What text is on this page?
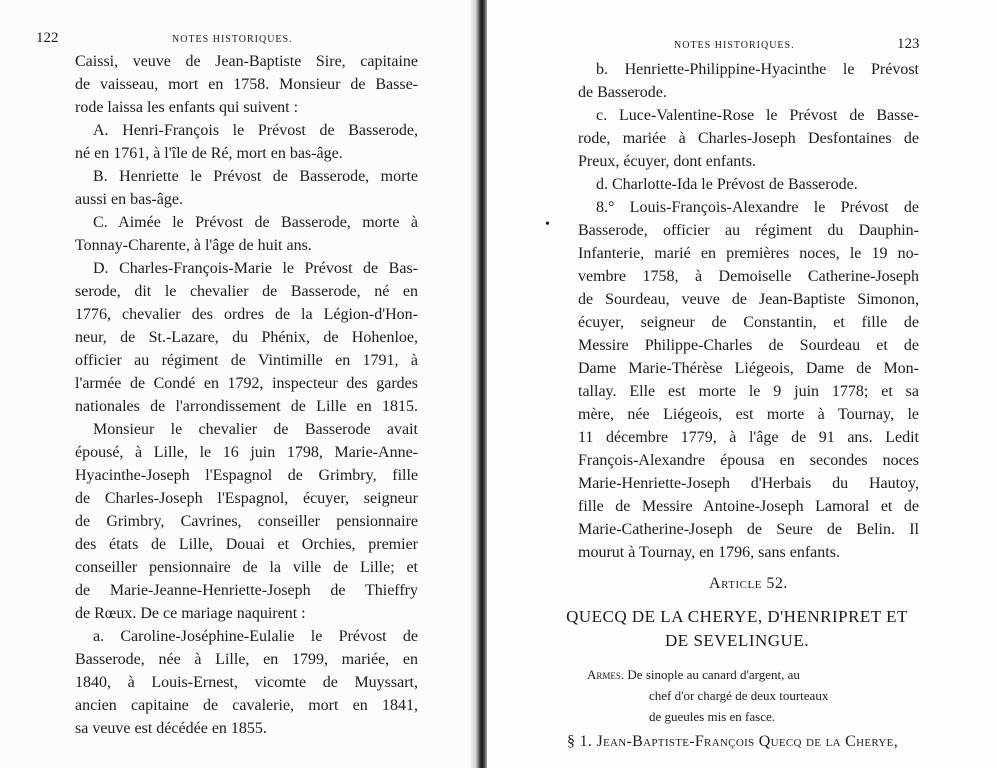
122	NOTES HISTORIQUES.
Caissi, veuve de Jean-Baptiste Sire, capitaine
de vaisseau, mort en 1758. Monsieur de Basse-
rode laissa les enfants qui suivent :
A. Henri-François le Prévost de Basserode,
né en 1761, à l'île de Ré, mort en bas-âge.
B. Henriette le Prévost de Basserode, morte
aussi en bas-âge.
C. Aimée le Prévost de Basserode, morte à
Tonnay-Charente, à l'âge de huit ans.
D. Charles-François-Marie le Prévost de Bas-
serode, dit le chevalier de Basserode, né en
1776, chevalier des ordres de la Légion-d'Hon-
neur, de St.-Lazare, du Phénix, de Hohenloe,
officier au régiment de Vintimille en 1791, à
l'armée de Condé en 1792, inspecteur des gardes
nationales de l'arrondissement de Lille en 1815.
Monsieur le chevalier de Basserode avait
épousé, à Lille, le 16 juin 1798, Marie-Anne-
Hyacinthe-Joseph l'Espagnol de Grimbry, fille
de Charles-Joseph l'Espagnol, écuyer, seigneur
de Grimbry, Cavrines, conseiller pensionnaire
des états de Lille, Douai et Orchies, premier
conseiller pensionnaire de la ville de Lille; et
de Marie-Jeanne-Henriette-Joseph de Thieffry
de Rœux. De ce mariage naquirent :
a. Caroline-Joséphine-Eulalie le Prévost de
Basserode, née à Lille, en 1799, mariée, en
1840, à Louis-Ernest, vicomte de Muyssart,
ancien capitaine de cavalerie, mort en 1841,
sa veuve est décédée en 1855.
NOTES HISTORIQUES.	123
b. Henriette-Philippine-Hyacinthe le Prévost
de Basserode.
c. Luce-Valentine-Rose le Prévost de Basse-
rode, mariée à Charles-Joseph Desfontaines de
Preux, écuyer, dont enfants.
d. Charlotte-Ida le Prévost de Basserode.
8.° Louis-François-Alexandre le Prévost de
Basserode, officier au régiment du Dauphin-
Infanterie, marié en premières noces, le 19 no-
vembre 1758, à Demoiselle Catherine-Joseph
de Sourdeau, veuve de Jean-Baptiste Simonon,
écuyer, seigneur de Constantin, et fille de
Messire Philippe-Charles de Sourdeau et de
Dame Marie-Thérèse Liégeois, Dame de Mon-
tallay. Elle est morte le 9 juin 1778; et sa
mère, née Liégeois, est morte à Tournay, le
11 décembre 1779, à l'âge de 91 ans. Ledit
François-Alexandre épousa en secondes noces
Marie-Henriette-Joseph d'Herbais du Hautoy,
fille de Messire Antoine-Joseph Lamoral et de
Marie-Catherine-Joseph de Seure de Belin. Il
mourut à Tournay, en 1796, sans enfants.
Article 52.
QUECQ DE LA CHERYE, D'HENRIPRET ET
DE SEVELINGUE.
Armes. De sinople au canard d'argent, au
chef d'or chargé de deux tourteaux
de gueules mis en fasce.
§ 1. Jean-Baptiste-François Quecq de la Cherye,
•
